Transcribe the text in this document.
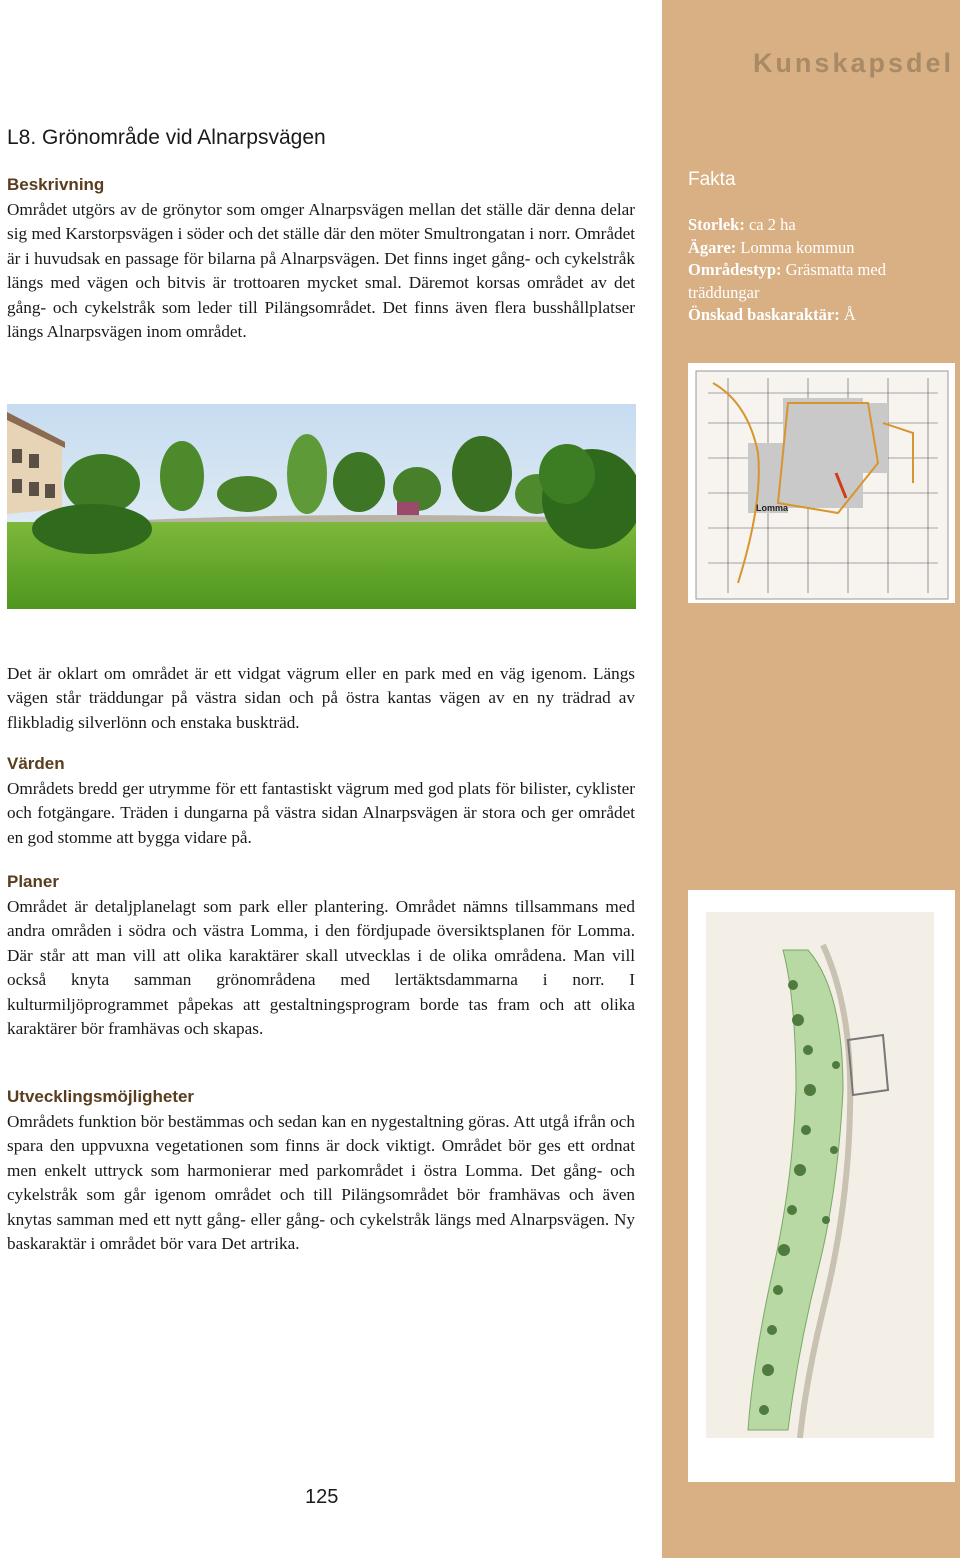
Kunskapsdel
L8. Grönområde vid Alnarpsvägen
Beskrivning

Området utgörs av de grönytor som omger Alnarpsvägen mellan det ställe där denna delar sig med Karstorpsvägen i söder och det ställe där den möter Smultrongatan i norr. Området är i huvudsak en passage för bilarna på Alnarpsvägen. Det finns inget gång- och cykelstråk längs med vägen och bitvis är trottoaren mycket smal. Däremot korsas området av det gång- och cykelstråk som leder till Pilängsområdet. Det finns även flera busshållplatser längs Alnarpsvägen inom området.

Fakta
Storlek: ca 2 ha
Ägare: Lomma kommun
Områdestyp: Gräsmatta med träddungar
Önskad baskaraktär: Å
Lomma

Det är oklart om området är ett vidgat vägrum eller en park med en väg igenom. Längs vägen står träddungar på västra sidan och på östra kantas vägen av en ny trädrad av flikbladig silverlönn och enstaka buskträd.

Värden

Områdets bredd ger utrymme för ett fantastiskt vägrum med god plats för bilister, cyklister och fotgängare. Träden i dungarna på västra sidan Alnarpsvägen är stora och ger området en god stomme att bygga vidare på.

Planer

Området är detaljplanelagt som park eller plantering. Området nämns tillsammans med andra områden i södra och västra Lomma, i den fördjupade översiktsplanen för Lomma. Där står att man vill att olika karaktärer skall utvecklas i de olika områdena. Man vill också knyta samman grönområdena med lertäktsdammarna i norr. I kulturmiljöprogrammet påpekas att gestaltningsprogram borde tas fram och att olika karaktärer bör framhävas och skapas.

Utvecklingsmöjligheter

Områdets funktion bör bestämmas och sedan kan en nygestaltning göras. Att utgå ifrån och spara den uppvuxna vegetationen som finns är dock viktigt. Området bör ges ett ordnat men enkelt uttryck som harmonierar med parkområdet i östra Lomma. Det gång- och cykelstråk som går igenom området och till Pilängsområdet bör framhävas och även knytas samman med ett nytt gång- eller gång- och cykelstråk längs med Alnarpsvägen. Ny baskaraktär i området bör vara Det artrika.

125
